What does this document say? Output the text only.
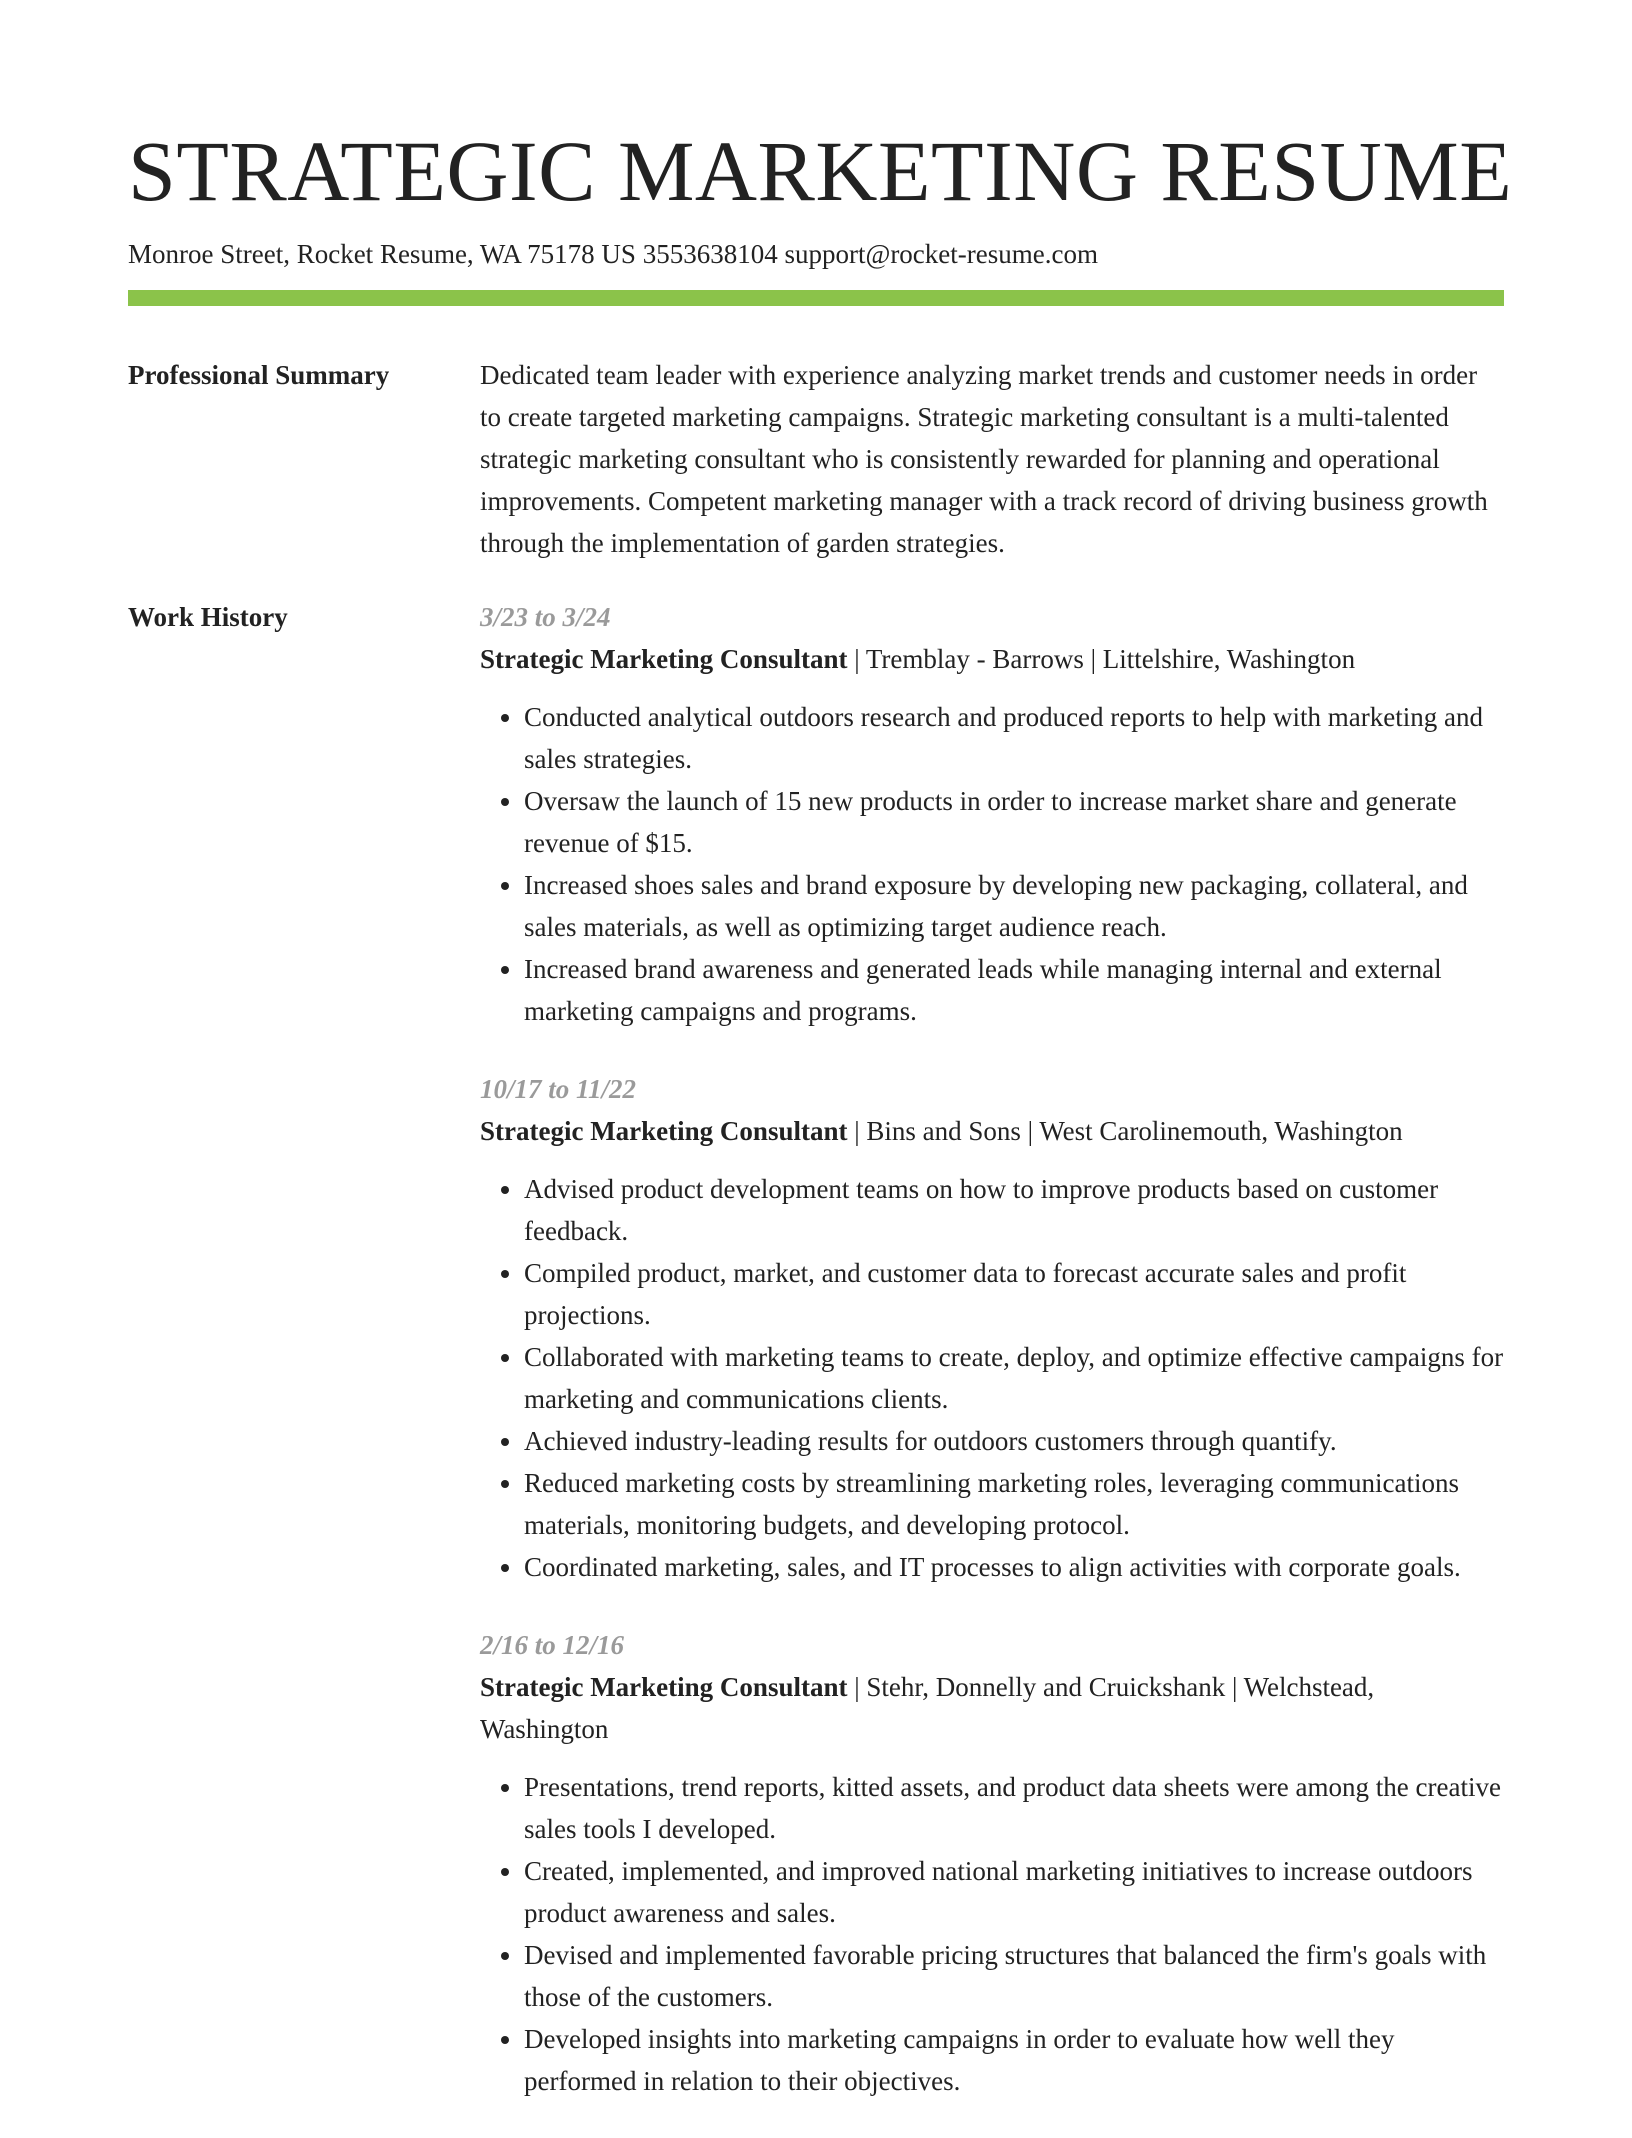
STRATEGIC MARKETING RESUME
Monroe Street, Rocket Resume, WA 75178 US 3553638104 support@rocket-resume.com
Professional Summary	Dedicated team leader with experience analyzing market trends and customer needs in order to create targeted marketing campaigns. Strategic marketing consultant is a multi-talented strategic marketing consultant who is consistently rewarded for planning and operational improvements. Competent marketing manager with a track record of driving business growth through the implementation of garden strategies.

Work History	3/23 to 3/24
Strategic Marketing Consultant | Tremblay - Barrows | Littelshire, Washington
• Conducted analytical outdoors research and produced reports to help with marketing and sales strategies.
• Oversaw the launch of 15 new products in order to increase market share and generate revenue of $15.
• Increased shoes sales and brand exposure by developing new packaging, collateral, and sales materials, as well as optimizing target audience reach.
• Increased brand awareness and generated leads while managing internal and external marketing campaigns and programs.
10/17 to 11/22
Strategic Marketing Consultant | Bins and Sons | West Carolinemouth, Washington
• Advised product development teams on how to improve products based on customer feedback.
• Compiled product, market, and customer data to forecast accurate sales and profit projections.
• Collaborated with marketing teams to create, deploy, and optimize effective campaigns for marketing and communications clients.
• Achieved industry-leading results for outdoors customers through quantify.
• Reduced marketing costs by streamlining marketing roles, leveraging communications materials, monitoring budgets, and developing protocol.
• Coordinated marketing, sales, and IT processes to align activities with corporate goals.
2/16 to 12/16
Strategic Marketing Consultant | Stehr, Donnelly and Cruickshank | Welchstead, Washington
• Presentations, trend reports, kitted assets, and product data sheets were among the creative sales tools I developed.
• Created, implemented, and improved national marketing initiatives to increase outdoors product awareness and sales.
• Devised and implemented favorable pricing structures that balanced the firm's goals with those of the customers.
• Developed insights into marketing campaigns in order to evaluate how well they performed in relation to their objectives.
